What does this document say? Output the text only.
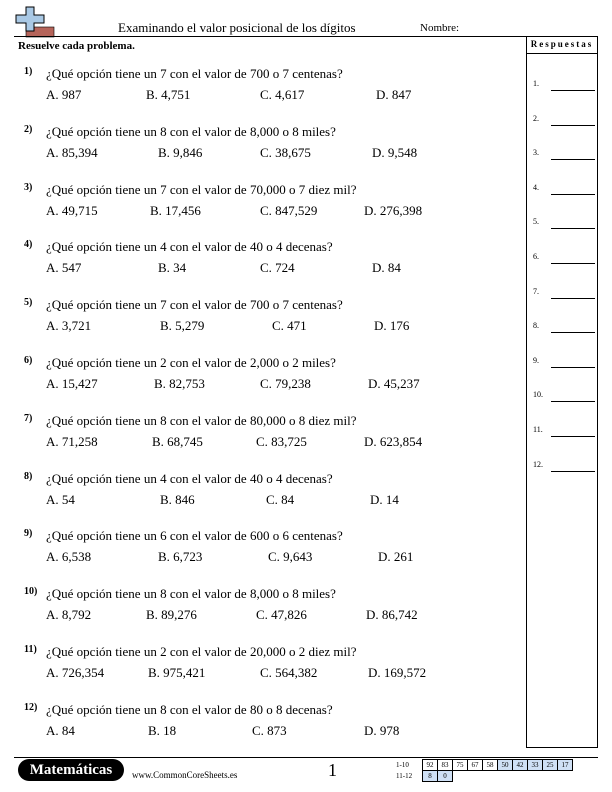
Examinando el valor posicional de los dígitos	Nombre:
Resuelve cada problema.	Respuestas
1.
2.
3.
4.
5.
6.
7.
8.
9.
10.
11.
12.
1) ¿Qué opción tiene un 7 con el valor de 700 o 7 centenas?
A. 987	B. 4,751	C. 4,617	D. 847
2) ¿Qué opción tiene un 8 con el valor de 8,000 o 8 miles?
A. 85,394	B. 9,846	C. 38,675	D. 9,548
3) ¿Qué opción tiene un 7 con el valor de 70,000 o 7 diez mil?
A. 49,715	B. 17,456	C. 847,529	D. 276,398
4) ¿Qué opción tiene un 4 con el valor de 40 o 4 decenas?
A. 547	B. 34	C. 724	D. 84
5) ¿Qué opción tiene un 7 con el valor de 700 o 7 centenas?
A. 3,721	B. 5,279	C. 471	D. 176
6) ¿Qué opción tiene un 2 con el valor de 2,000 o 2 miles?
A. 15,427	B. 82,753	C. 79,238	D. 45,237
7) ¿Qué opción tiene un 8 con el valor de 80,000 o 8 diez mil?
A. 71,258	B. 68,745	C. 83,725	D. 623,854
8) ¿Qué opción tiene un 4 con el valor de 40 o 4 decenas?
A. 54	B. 846	C. 84	D. 14
9) ¿Qué opción tiene un 6 con el valor de 600 o 6 centenas?
A. 6,538	B. 6,723	C. 9,643	D. 261
10) ¿Qué opción tiene un 8 con el valor de 8,000 o 8 miles?
A. 8,792	B. 89,276	C. 47,826	D. 86,742
11) ¿Qué opción tiene un 2 con el valor de 20,000 o 2 diez mil?
A. 726,354	B. 975,421	C. 564,382	D. 169,572
12) ¿Qué opción tiene un 8 con el valor de 80 o 8 decenas?
A. 84	B. 18	C. 873	D. 978
Matemáticas	www.CommonCoreSheets.es	1	1-10	92	83	75	67	58	50	42	33	25	17
11-12	8	0								
